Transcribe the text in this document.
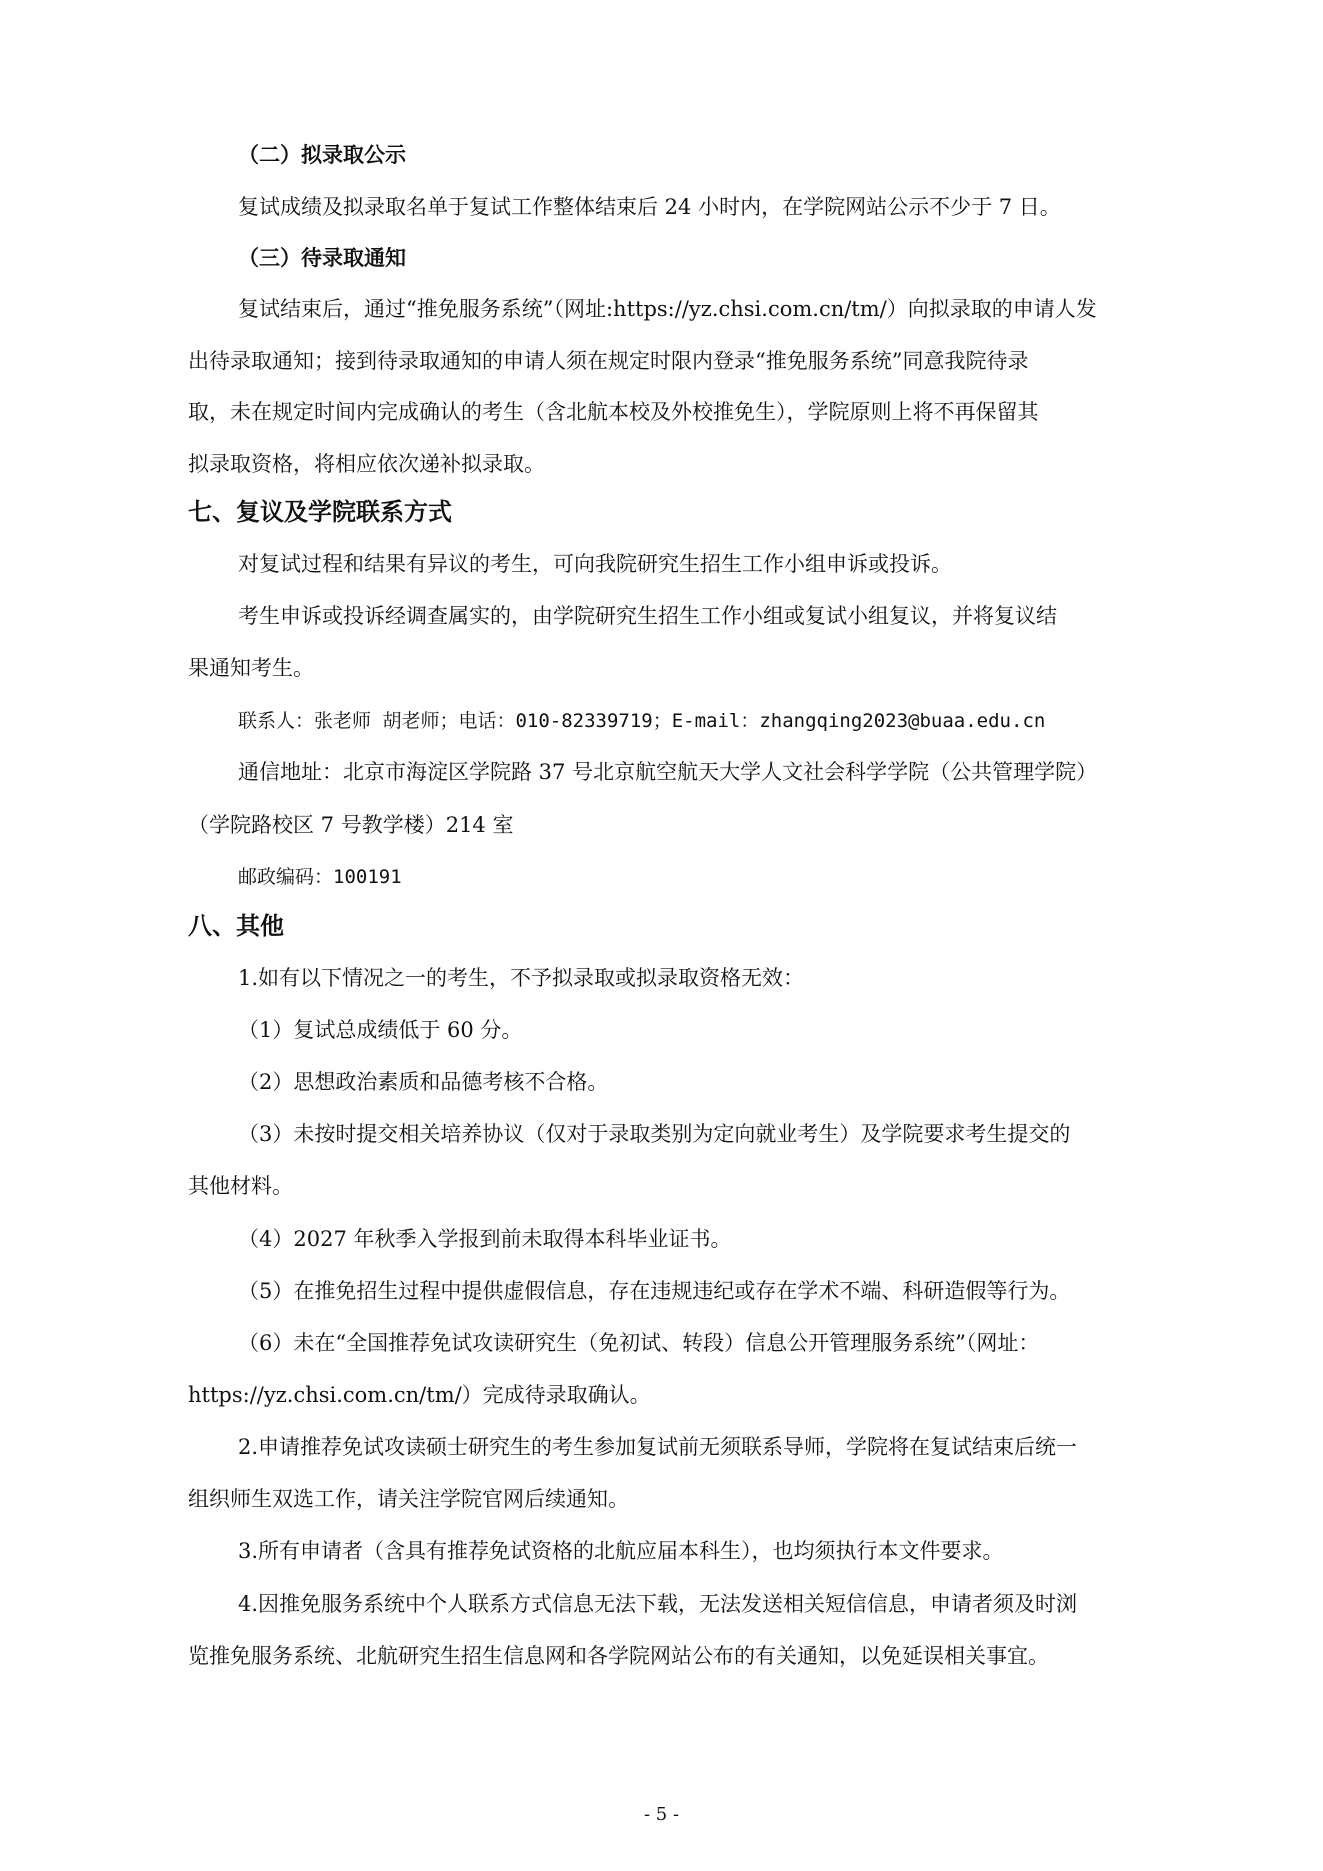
（二）拟录取公示
复试成绩及拟录取名单于复试工作整体结束后 24 小时内，在学院网站公示不少于 7 日。
（三）待录取通知
复试结束后，通过“推免服务系统”（网址:https://yz.chsi.com.cn/tm/）向拟录取的申请人发
出待录取通知；接到待录取通知的申请人须在规定时限内登录“推免服务系统”同意我院待录
取，未在规定时间内完成确认的考生（含北航本校及外校推免生），学院原则上将不再保留其
拟录取资格，将相应依次递补拟录取。
七、复议及学院联系方式
对复试过程和结果有异议的考生，可向我院研究生招生工作小组申诉或投诉。
考生申诉或投诉经调查属实的，由学院研究生招生工作小组或复试小组复议，并将复议结
果通知考生。
联系人：张老师 胡老师；电话：010-82339719；E-mail：zhangqing2023@buaa.edu.cn
通信地址：北京市海淀区学院路 37 号北京航空航天大学人文社会科学学院（公共管理学院）
（学院路校区 7 号教学楼）214 室
邮政编码：100191
八、其他
1.如有以下情况之一的考生，不予拟录取或拟录取资格无效：
（1）复试总成绩低于 60 分。
（2）思想政治素质和品德考核不合格。
（3）未按时提交相关培养协议（仅对于录取类别为定向就业考生）及学院要求考生提交的
其他材料。
（4）2027 年秋季入学报到前未取得本科毕业证书。
（5）在推免招生过程中提供虚假信息，存在违规违纪或存在学术不端、科研造假等行为。
（6）未在“全国推荐免试攻读研究生（免初试、转段）信息公开管理服务系统”（网址：
https://yz.chsi.com.cn/tm/）完成待录取确认。
2.申请推荐免试攻读硕士研究生的考生参加复试前无须联系导师，学院将在复试结束后统一
组织师生双选工作，请关注学院官网后续通知。
3.所有申请者（含具有推荐免试资格的北航应届本科生），也均须执行本文件要求。
4.因推免服务系统中个人联系方式信息无法下载，无法发送相关短信信息，申请者须及时浏
览推免服务系统、北航研究生招生信息网和各学院网站公布的有关通知，以免延误相关事宜。
- 5 -
